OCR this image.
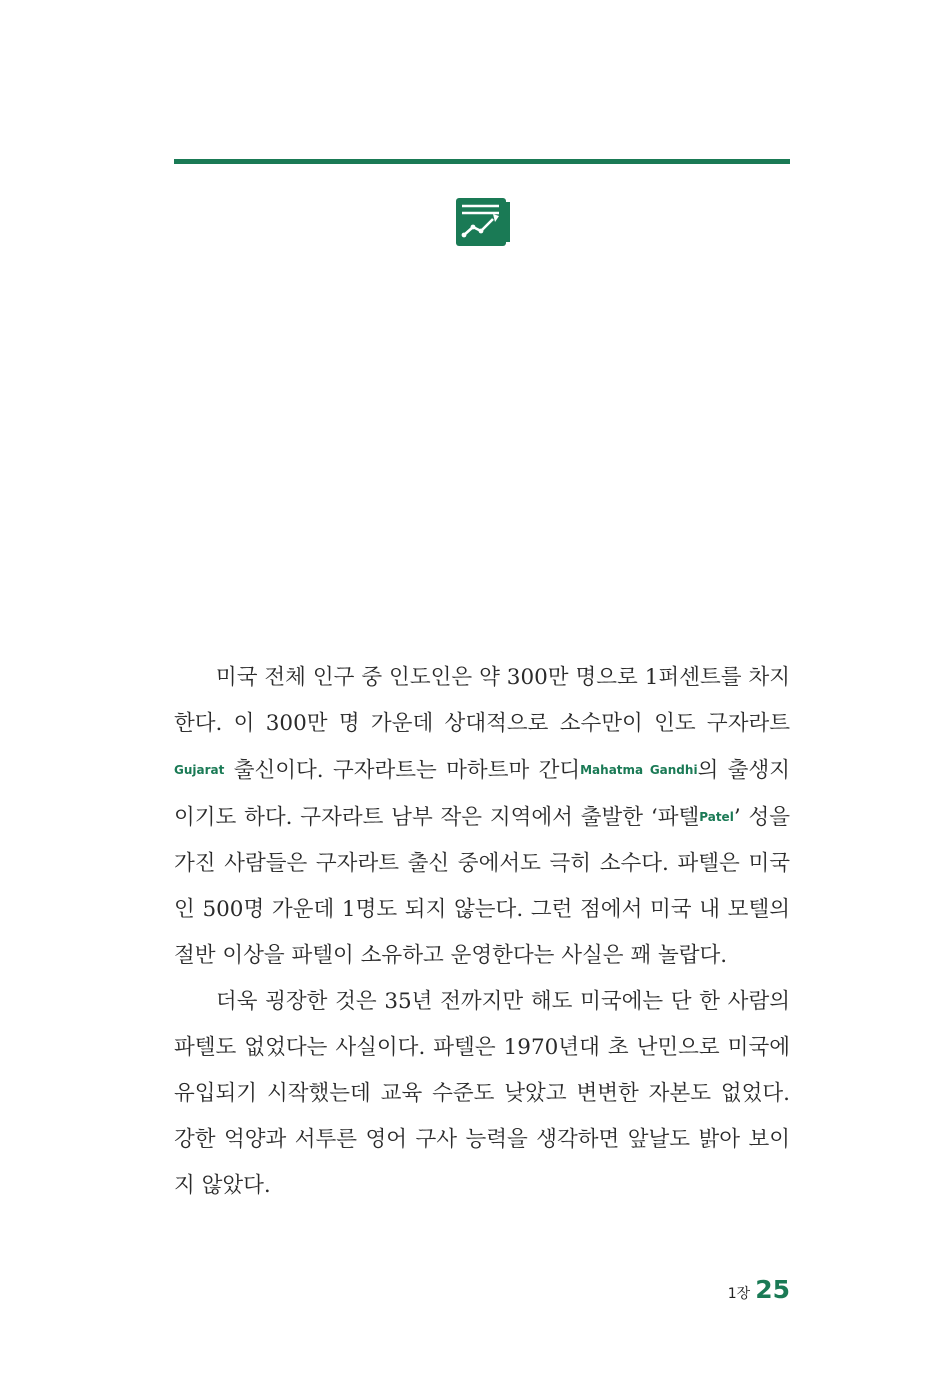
미국 전체 인구 중 인도인은 약 300만 명으로 1퍼센트를 차지한다. 이 300만 명 가운데 상대적으로 소수만이 인도 구자라트Gujarat 출신이다. 구자라트는 마하트마 간디Mahatma Gandhi의 출생지이기도 하다. 구자라트 남부 작은 지역에서 출발한 ‘파텔Patel’ 성을 가진 사람들은 구자라트 출신 중에서도 극히 소수다. 파텔은 미국인 500명 가운데 1명도 되지 않는다. 그런 점에서 미국 내 모텔의 절반 이상을 파텔이 소유하고 운영한다는 사실은 꽤 놀랍다.

더욱 굉장한 것은 35년 전까지만 해도 미국에는 단 한 사람의 파텔도 없었다는 사실이다. 파텔은 1970년대 초 난민으로 미국에 유입되기 시작했는데 교육 수준도 낮았고 변변한 자본도 없었다. 강한 억양과 서투른 영어 구사 능력을 생각하면 앞날도 밝아 보이지 않았다.

1장 25
